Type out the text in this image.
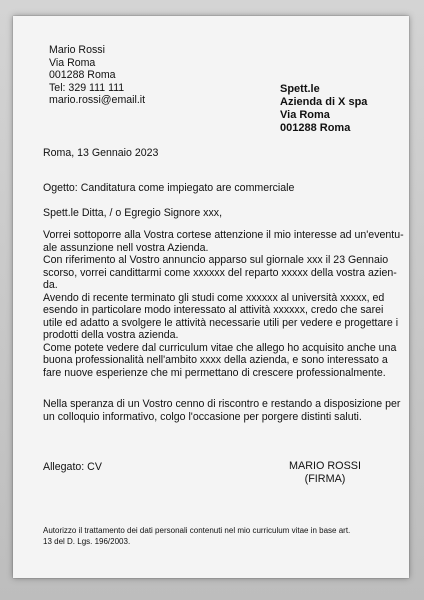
Mario Rossi
Via Roma
001288 Roma
Tel: 329 111 111
mario.rossi@email.it
Spett.le
Azienda di X spa
Via Roma
001288 Roma
Roma, 13 Gennaio 2023
Ogetto: Canditatura come impiegato are commerciale
Spett.le Ditta, / o Egregio Signore xxx,
Vorrei sottoporre alla Vostra cortese attenzione il mio interesse ad un'eventu-
ale assunzione nell vostra Azienda.
Con riferimento al Vostro annuncio apparso sul giornale xxx il 23 Gennaio
scorso, vorrei candittarmi come xxxxxx del reparto xxxxx della vostra azien-
da.
Avendo di recente terminato gli studi come xxxxxx al università xxxxx, ed
esendo in particolare modo interessato al attività xxxxxx, credo che sarei
utile ed adatto a svolgere le attività necessarie utili per vedere e progettare i
prodotti della vostra azienda.
Come potete vedere dal curriculum vitae che allego ho acquisito anche una
buona professionalità nell'ambito xxxx della azienda, e sono interessato a
fare nuove esperienze che mi permettano di crescere professionalmente.
Nella speranza di un Vostro cenno di riscontro e restando a disposizione per
un colloquio informativo, colgo l'occasione per porgere distinti saluti.
Allegato: CV	MARIO ROSSI
(FIRMA)
Autorizzo il trattamento dei dati personali contenuti nel mio curriculum vitae in base art.
13 del D. Lgs. 196/2003.
